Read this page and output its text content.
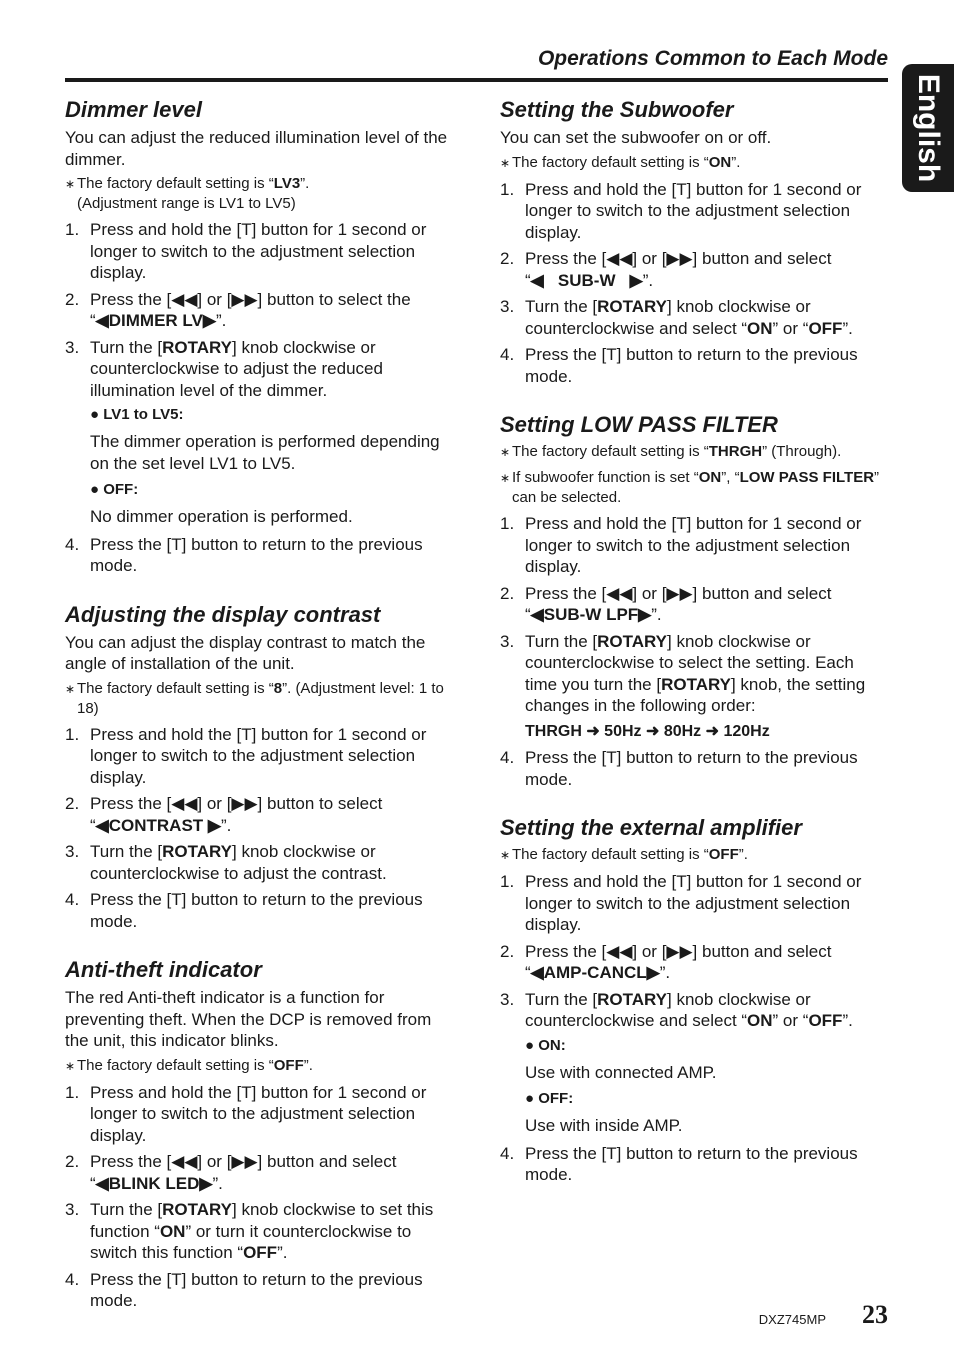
Operations Common to Each Mode
English
Dimmer level
You can adjust the reduced illumination level of the dimmer.
∗ The factory default setting is “LV3”.
(Adjustment range is LV1 to LV5)
1. Press and hold the [T] button for 1 second or longer to switch to the adjustment selection display.
2. Press the [◀◀] or [▶▶] button to select the “◀DIMMER LV▶”.
3. Turn the [ROTARY] knob clockwise or counterclockwise to adjust the reduced illumination level of the dimmer.
● LV1 to LV5:
The dimmer operation is performed depending on the set level LV1 to LV5.
● OFF:
No dimmer operation is performed.
4. Press the [T] button to return to the previous mode.
Adjusting the display contrast
You can adjust the display contrast to match the angle of installation of the unit.
∗ The factory default setting is “8”. (Adjustment level: 1 to 18)
1. Press and hold the [T] button for 1 second or longer to switch to the adjustment selection display.
2. Press the [◀◀] or [▶▶] button to select “◀CONTRAST ▶”.
3. Turn the [ROTARY] knob clockwise or counterclockwise to adjust the contrast.
4. Press the [T] button to return to the previous mode.
Anti-theft indicator
The red Anti-theft indicator is a function for preventing theft. When the DCP is removed from the unit, this indicator blinks.
∗ The factory default setting is “OFF”.
1. Press and hold the [T] button for 1 second or longer to switch to the adjustment selection display.
2. Press the [◀◀] or [▶▶] button and select “◀BLINK LED▶”.
3. Turn the [ROTARY] knob clockwise to set this function “ON” or turn it counterclockwise to switch this function “OFF”.
4. Press the [T] button to return to the previous mode.
Setting the Subwoofer
You can set the subwoofer on or off.
∗ The factory default setting is “ON”.
1. Press and hold the [T] button for 1 second or longer to switch to the adjustment selection display.
2. Press the [◀◀] or [▶▶] button and select “◀   SUB-W   ▶”.
3. Turn the [ROTARY] knob clockwise or counterclockwise and select “ON” or “OFF”.
4. Press the [T] button to return to the previous mode.
Setting LOW PASS FILTER
∗ The factory default setting is “THRGH” (Through).
∗ If subwoofer function is set “ON”, “LOW PASS FILTER” can be selected.
1. Press and hold the [T] button for 1 second or longer to switch to the adjustment selection display.
2. Press the [◀◀] or [▶▶] button and select “◀SUB-W LPF▶”.
3. Turn the [ROTARY] knob clockwise or counterclockwise to select the setting. Each time you turn the [ROTARY] knob, the setting changes in the following order:
THRGH ➜ 50Hz ➜ 80Hz ➜ 120Hz
4. Press the [T] button to return to the previous mode.
Setting the external amplifier
∗ The factory default setting is “OFF”.
1. Press and hold the [T] button for 1 second or longer to switch to the adjustment selection display.
2. Press the [◀◀] or [▶▶] button and select “◀AMP-CANCL▶”.
3. Turn the [ROTARY] knob clockwise or counterclockwise and select “ON” or “OFF”.
● ON:
Use with connected AMP.
● OFF:
Use with inside AMP.
4. Press the [T] button to return to the previous mode.
DXZ745MP 23
